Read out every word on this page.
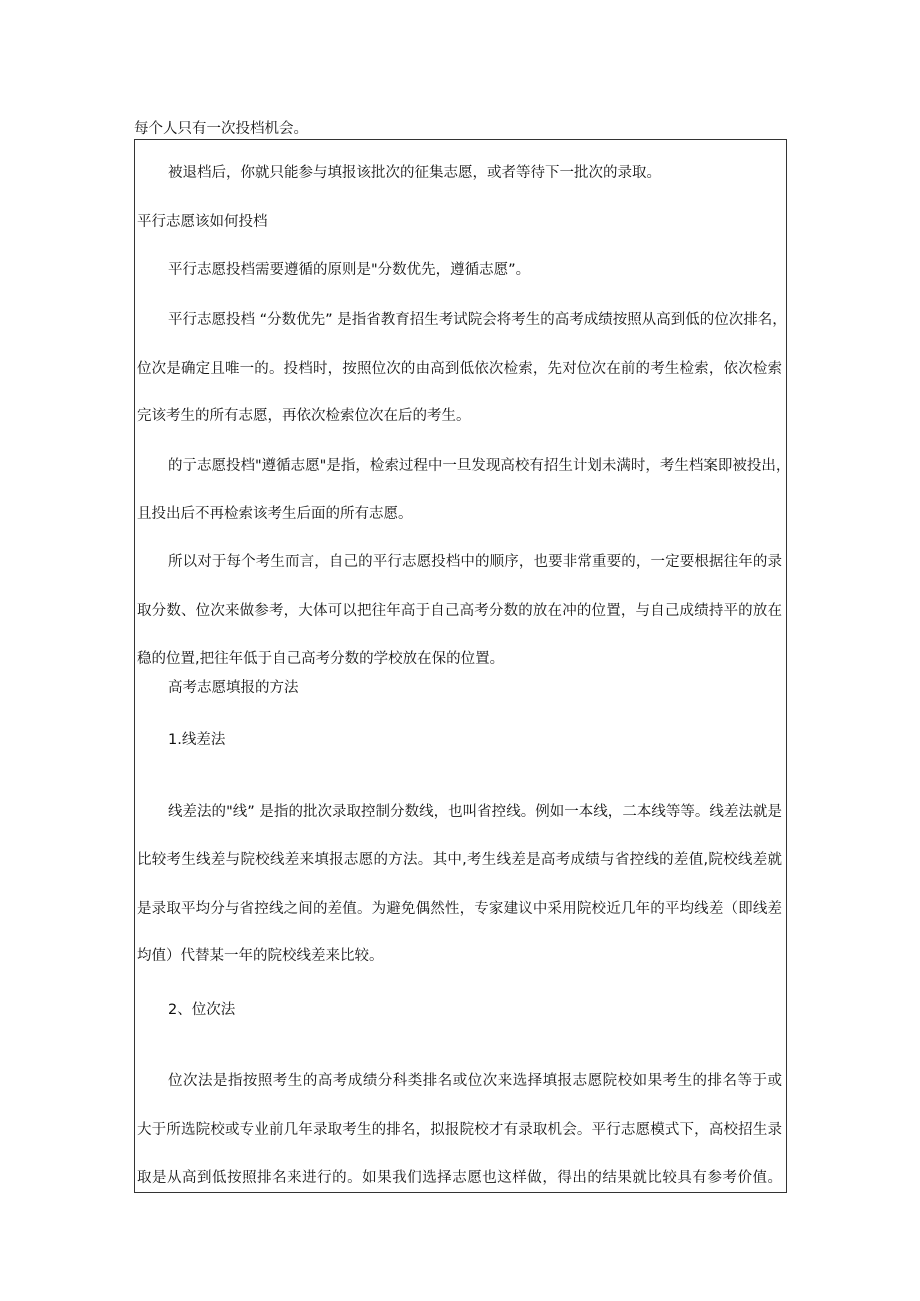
每个人只有一次投档机会。
被退档后，你就只能参与填报该批次的征集志愿，或者等待下一批次的录取。
平行志愿该如何投档
平行志愿投档需要遵循的原则是"分数优先，遵循志愿”。
平行志愿投档 “分数优先” 是指省教育招生考试院会将考生的高考成绩按照从高到低的位次排名，
位次是确定且唯一的。投档时，按照位次的由高到低依次检索，先对位次在前的考生检索，依次检索
完该考生的所有志愿，再依次检索位次在后的考生。
的亍志愿投档"遵循志愿"是指，检索过程中一旦发现高校有招生计划未满时，考生档案即被投出，
且投出后不再检索该考生后面的所有志愿。
所以对于每个考生而言，自己的平行志愿投档中的顺序，也要非常重要的，一定要根据往年的录
取分数、位次来做参考，大体可以把往年高于自己高考分数的放在冲的位置，与自己成绩持平的放在
稳的位置,把往年低于自己高考分数的学校放在保的位置。
高考志愿填报的方法
1.线差法
线差法的"线” 是指的批次录取控制分数线，也叫省控线。例如一本线，二本线等等。线差法就是
比较考生线差与院校线差来填报志愿的方法。其中,考生线差是高考成绩与省控线的差值,院校线差就
是录取平均分与省控线之间的差值。为避免偶然性，专家建议中采用院校近几年的平均线差（即线差
均值）代替某一年的院校线差来比较。
2、位次法
位次法是指按照考生的高考成绩分科类排名或位次来选择填报志愿院校如果考生的排名等于或
大于所选院校或专业前几年录取考生的排名，拟报院校才有录取机会。平行志愿模式下，高校招生录
取是从高到低按照排名来进行的。如果我们选择志愿也这样做，得出的结果就比较具有参考价值。
